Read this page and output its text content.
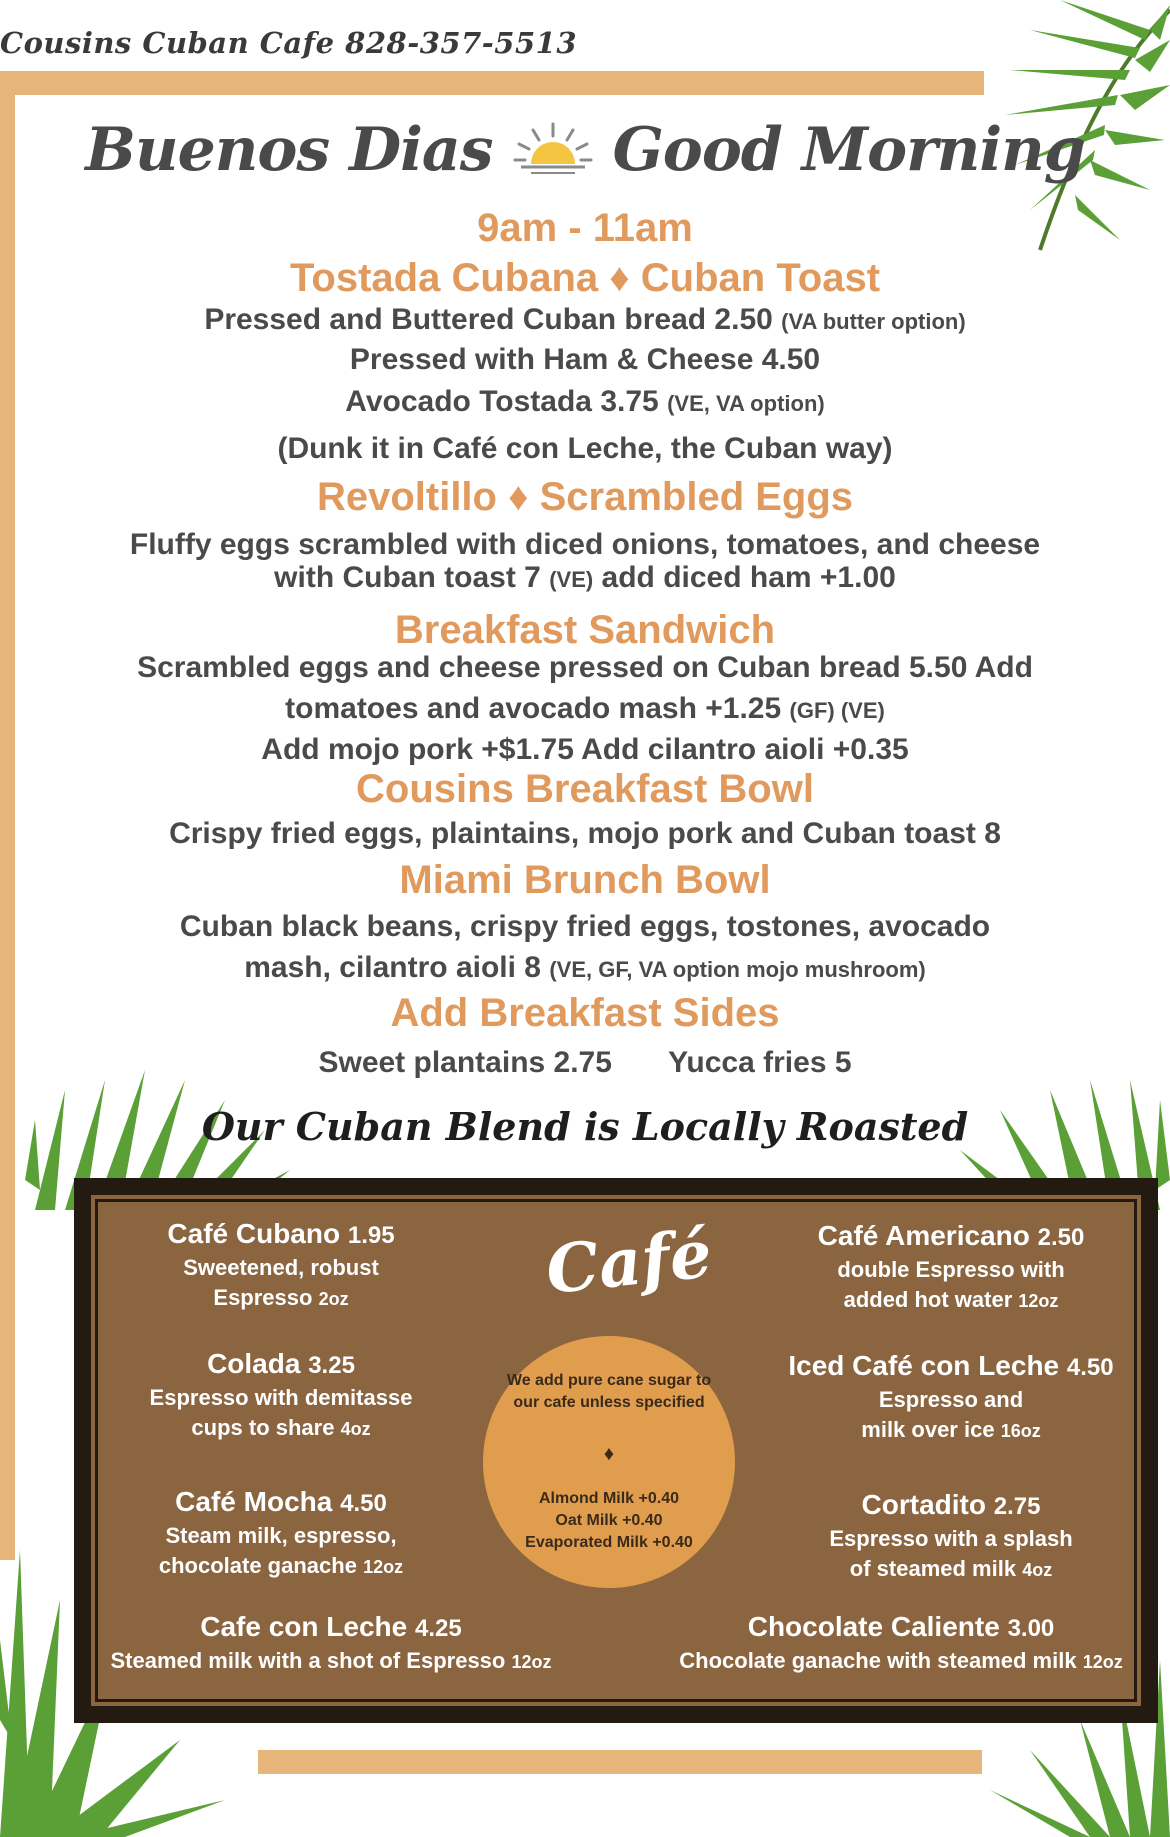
Cousins Cuban Cafe 828-357-5513
Buenos Dias Good Morning
9am - 11am
Tostada Cubana ♦ Cuban Toast
Pressed and Buttered Cuban bread 2.50 (VA butter option)
Pressed with Ham & Cheese 4.50
Avocado Tostada 3.75 (VE, VA option)
(Dunk it in Café con Leche, the Cuban way)
Revoltillo ♦ Scrambled Eggs
Fluffy eggs scrambled with diced onions, tomatoes, and cheese
with Cuban toast 7 (VE) add diced ham +1.00
Breakfast Sandwich
Scrambled eggs and cheese pressed on Cuban bread 5.50 Add
tomatoes and avocado mash +1.25 (GF) (VE)
Add mojo pork +$1.75 Add cilantro aioli +0.35
Cousins Breakfast Bowl
Crispy fried eggs, plaintains, mojo pork and Cuban toast 8
Miami Brunch Bowl
Cuban black beans, crispy fried eggs, tostones, avocado
mash, cilantro aioli 8 (VE, GF, VA option mojo mushroom)
Add Breakfast Sides
Sweet plantains 2.75 Yucca fries 5
Our Cuban Blend is Locally Roasted
Café
Café Cubano 1.95
Sweetened, robust
Espresso 2oz
Colada 3.25
Espresso with demitasse
cups to share 4oz
Café Mocha 4.50
Steam milk, espresso,
chocolate ganache 12oz
Cafe con Leche 4.25
Steamed milk with a shot of Espresso 12oz
We add pure cane sugar to our cafe unless specified
♦
Almond Milk +0.40
Oat Milk +0.40
Evaporated Milk +0.40
Café Americano 2.50
double Espresso with
added hot water 12oz
Iced Café con Leche 4.50
Espresso and
milk over ice 16oz
Cortadito 2.75
Espresso with a splash
of steamed milk 4oz
Chocolate Caliente 3.00
Chocolate ganache with steamed milk 12oz
